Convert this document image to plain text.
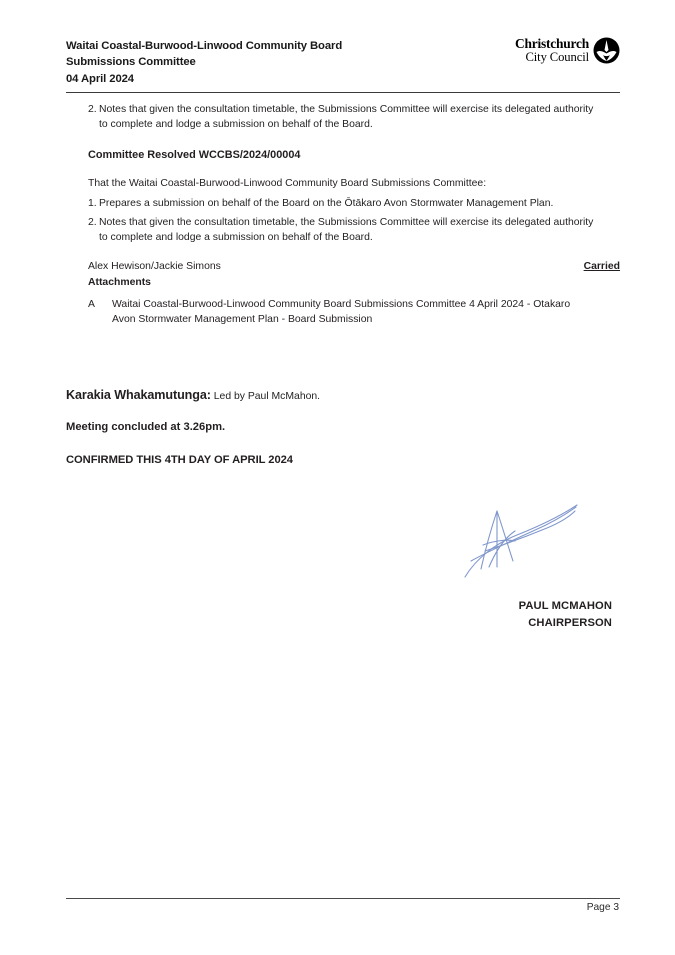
Waitai Coastal-Burwood-Linwood Community Board
Submissions Committee
04 April 2024
Christchurch
City Council
2. Notes that given the consultation timetable, the Submissions Committee will exercise its delegated authority to complete and lodge a submission on behalf of the Board.
Committee Resolved WCCBS/2024/00004
That the Waitai Coastal-Burwood-Linwood Community Board Submissions Committee:
1. Prepares a submission on behalf of the Board on the Ōtākaro Avon Stormwater Management Plan.
2. Notes that given the consultation timetable, the Submissions Committee will exercise its delegated authority to complete and lodge a submission on behalf of the Board.
Alex Hewison/Jackie Simons	Carried
Attachments
A	Waitai Coastal-Burwood-Linwood Community Board Submissions Committee 4 April 2024 - Otakaro Avon Stormwater Management Plan - Board Submission
Karakia Whakamutunga: Led by Paul McMahon.
Meeting concluded at 3.26pm.
CONFIRMED THIS 4TH DAY OF APRIL 2024
PAUL MCMAHON
CHAIRPERSON
Page 3
